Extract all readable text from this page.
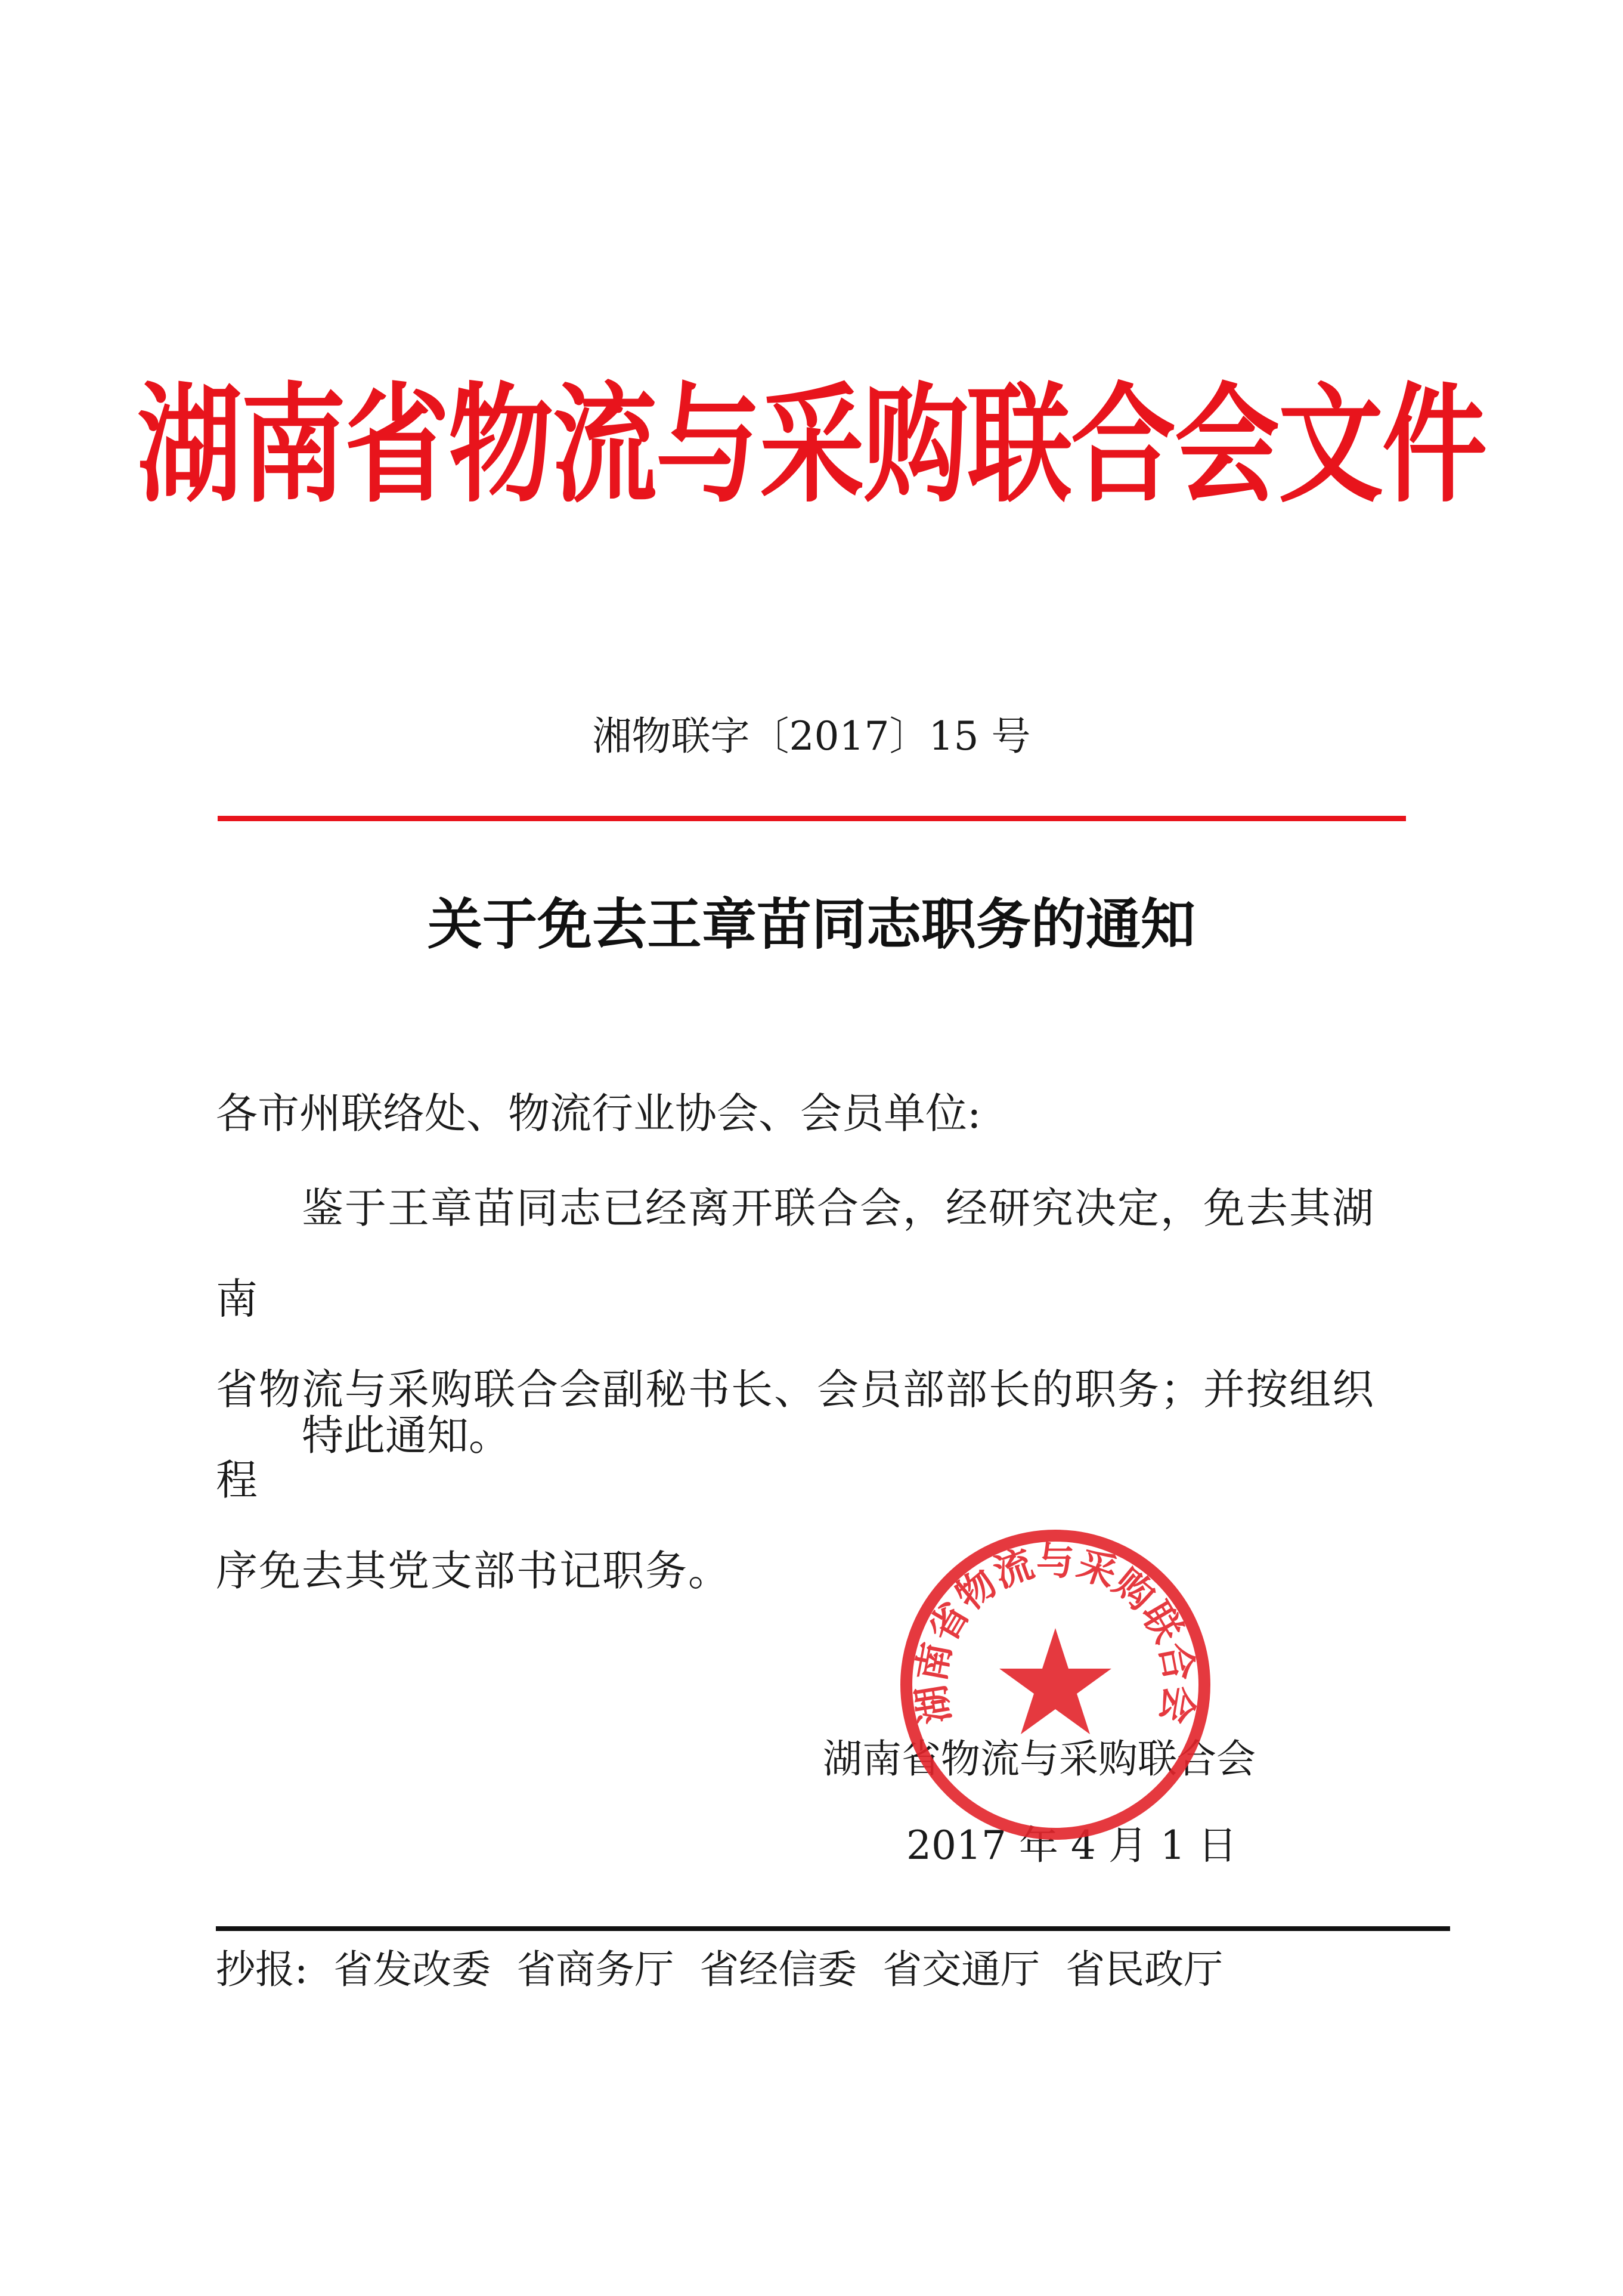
湖南省物流与采购联合会文件
湘物联字〔2017〕15 号
关于免去王章苗同志职务的通知
各市州联络处、物流行业协会、会员单位:

鉴于王章苗同志已经离开联合会，经研究决定，免去其湖南

省物流与采购联合会副秘书长、会员部部长的职务；并按组织程

序免去其党支部书记职务。

特此通知。
湖南省物流与采购联合会
2017 年 4 月 1 日
湖南省物流与采购联合会
抄报: 省发改委 省商务厅 省经信委 省交通厅 省民政厅
